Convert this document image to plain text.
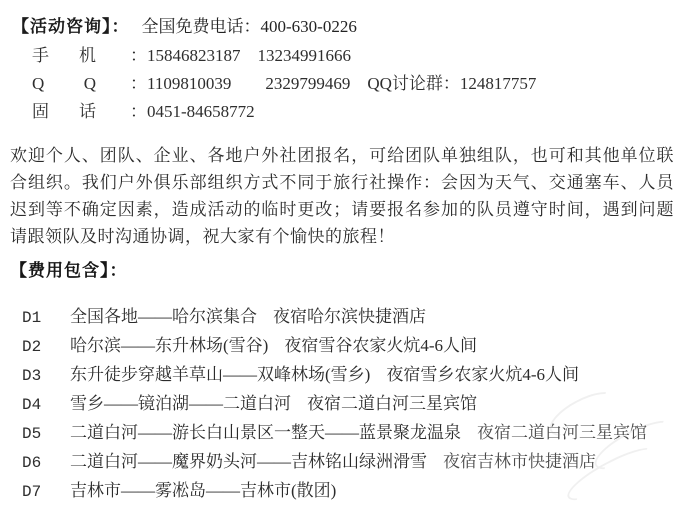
【活动咨询】： 全国免费电话：400-630-0226
手 机 ：15846823187　13234991666
Q Q ：1109810039　　2329799469　QQ讨论群：124817757
固 话 ：0451-84658772

欢迎个人、团队、企业、各地户外社团报名，可给团队单独组队，也可和其他单位联合组织。我们户外俱乐部组织方式不同于旅行社操作：会因为天气、交通塞车、人员迟到等不确定因素，造成活动的临时更改；请要报名参加的队员遵守时间，遇到问题请跟领队及时沟通协调，祝大家有个愉快的旅程！

【费用包含】：
D1 全国各地——哈尔滨集合 夜宿哈尔滨快捷酒店
D2 哈尔滨——东升林场(雪谷) 夜宿雪谷农家火炕4-6人间
D3 东升徒步穿越羊草山——双峰林场(雪乡) 夜宿雪乡农家火炕4-6人间
D4 雪乡——镜泊湖——二道白河 夜宿二道白河三星宾馆
D5 二道白河——游长白山景区一整天——蓝景聚龙温泉 夜宿二道白河三星宾馆
D6 二道白河——魔界奶头河——吉林铭山绿洲滑雪 夜宿吉林市快捷酒店
D7 吉林市——雾凇岛——吉林市(散团)
